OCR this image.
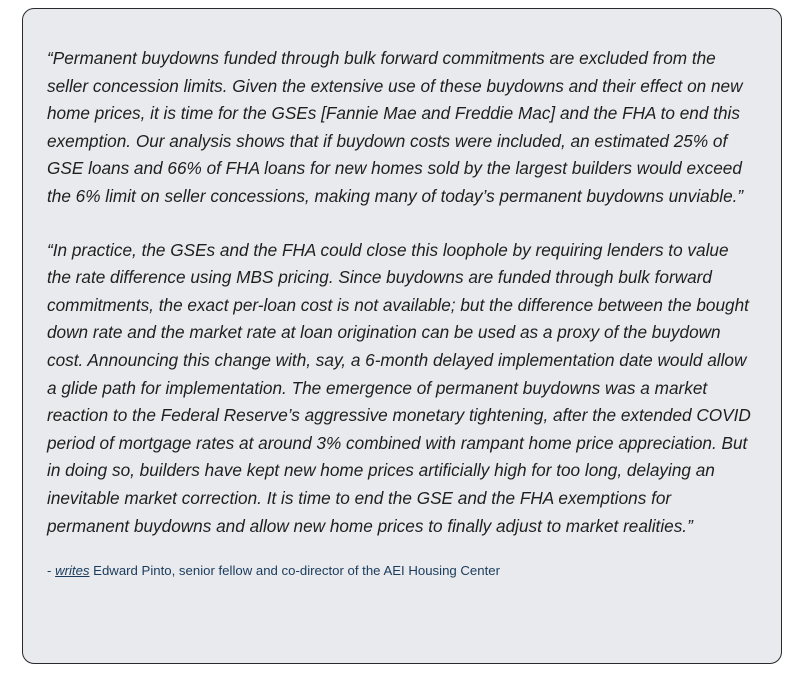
“Permanent buydowns funded through bulk forward commitments are excluded from the seller concession limits. Given the extensive use of these buydowns and their effect on new home prices, it is time for the GSEs [Fannie Mae and Freddie Mac] and the FHA to end this exemption. Our analysis shows that if buydown costs were included, an estimated 25% of GSE loans and 66% of FHA loans for new homes sold by the largest builders would exceed the 6% limit on seller concessions, making many of today’s permanent buydowns unviable.”

“In practice, the GSEs and the FHA could close this loophole by requiring lenders to value the rate difference using MBS pricing. Since buydowns are funded through bulk forward commitments, the exact per-loan cost is not available; but the difference between the bought down rate and the market rate at loan origination can be used as a proxy of the buydown cost. Announcing this change with, say, a 6-month delayed implementation date would allow a glide path for implementation. The emergence of permanent buydowns was a market reaction to the Federal Reserve’s aggressive monetary tightening, after the extended COVID period of mortgage rates at around 3% combined with rampant home price appreciation. But in doing so, builders have kept new home prices artificially high for too long, delaying an inevitable market correction. It is time to end the GSE and the FHA exemptions for permanent buydowns and allow new home prices to finally adjust to market realities.”

- writes Edward Pinto, senior fellow and co-director of the AEI Housing Center
